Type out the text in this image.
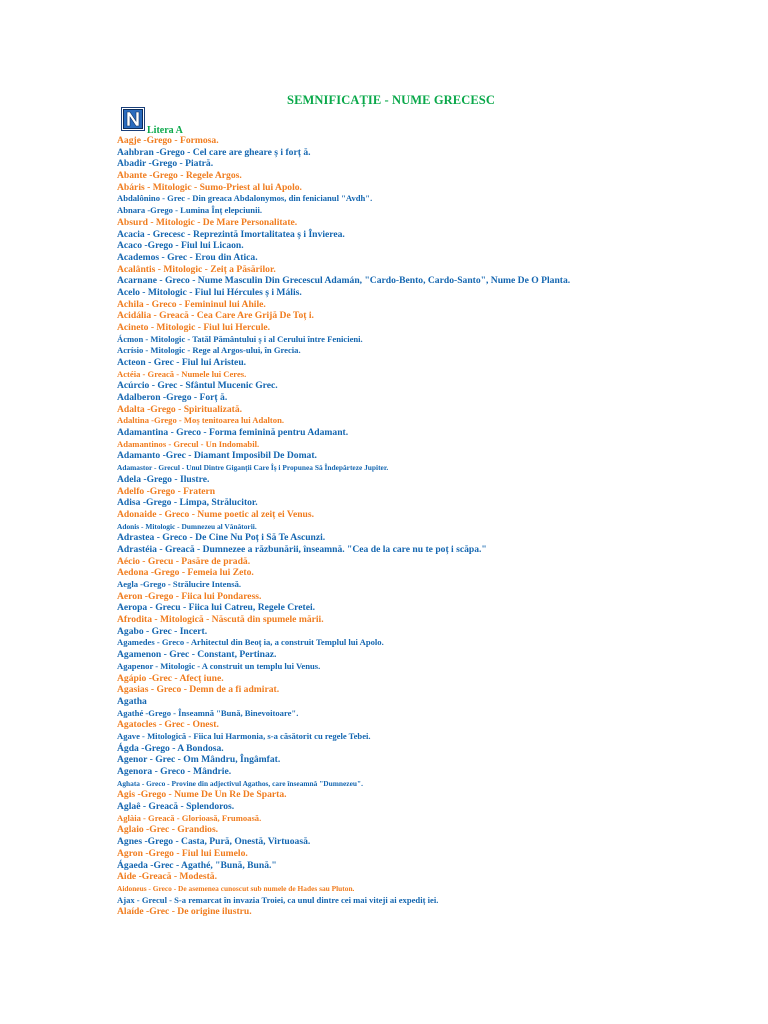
SEMNIFICAȚIE - NUME GRECESC
Litera A
Aagje -Grego - Formosa.
Aahbran -Grego - Cel care are gheare ș i forț ă.
Abadir -Grego - Piatră.
Abante -Grego - Regele Argos.
Abáris - Mitologic - Sumo-Priest al lui Apolo.
Abdalônino - Grec - Din greaca Abdalonymos, din fenicianul "Avdh".
Abnara -Grego - Lumina Înț elepciunii.
Absurd - Mitologic - De Mare Personalitate.
Acacia - Grecesc - Reprezintă Imortalitatea ș i Învierea.
Acaco -Grego - Fiul lui Licaon.
Academos - Grec - Erou din Atica.
Acalântis - Mitologic - Zeiț a Păsărilor.
Acarnane - Greco - Nume Masculin Din Grecescul Adamán, "Cardo-Bento, Cardo-Santo", Nume De O Planta.
Acelo - Mitologic - Fiul lui Hércules ș i Mális.
Achila - Greco - Femininul lui Ahile.
Acidália - Greacă - Cea Care Are Grijă De Toț i.
Acineto - Mitologic - Fiul lui Hercule.
Ácmon - Mitologic - Tatăl Pământului ș i al Cerului între Fenicieni.
Acrísio - Mitologic - Rege al Argos-ului, în Grecia.
Acteon - Grec - Fiul lui Aristeu.
Actéia - Greacă - Numele lui Ceres.
Acúrcio - Grec - Sfântul Mucenic Grec.
Adalberon -Grego - Forț ă.
Adalta -Grego - Spiritualizată.
Adaltina -Grego - Moș tenitoarea lui Adalton.
Adamantina - Greco - Forma feminină pentru Adamant.
Adamantinos - Grecul - Un Indomabil.
Adamanto -Grec - Diamant Imposibil De Domat.
Adamastor - Grecul - Unul Dintre Giganții Care Îș i Propunea Să Îndepărteze Jupiter.
Adela -Grego - Ilustre.
Adelfo -Grego - Fratern
Adisa -Grego - Limpa, Strălucitor.
Adonaide - Greco - Nume poetic al zeiț ei Venus.
Adonis - Mitologic - Dumnezeu al Vânătorii.
Adrastea - Greco - De Cine Nu Poț i Să Te Ascunzi.
Adrastéia - Greacă - Dumnezee a răzbunării, înseamnă. "Cea de la care nu te poț i scăpa."
Aécio - Grecu - Pasăre de pradă.
Aedona -Grego - Femeia lui Zeto.
Aegla -Grego - Strălucire Intensă.
Aeron -Grego - Fiica lui Pondaress.
Aeropa - Grecu - Fiica lui Catreu, Regele Cretei.
Afrodita - Mitologică - Născută din spumele mării.
Agabo - Grec - Incert.
Agamedes - Greco - Arhitectul din Beoț ia, a construit Templul lui Apolo.
Agamenon - Grec - Constant, Pertinaz.
Agapenor - Mitologic - A construit un templu lui Venus.
Agápio -Grec - Afecț iune.
Agasias - Greco - Demn de a fi admirat.
Agatha
Agathé -Grego - Înseamnă "Bună, Binevoitoare".
Agatocles - Grec - Onest.
Agave - Mitologică - Fiica lui Harmonia, s-a căsătorit cu regele Tebei.
Ágda -Grego - A Bondosa.
Agenor - Grec - Om Mândru, Îngâmfat.
Agenora - Greco - Mândrie.
Aghata - Greco - Provine din adjectivul Agathos, care înseamnă "Dumnezeu".
Agis -Grego - Nume De Un Re De Sparta.
Aglaê - Greacă - Splendoros.
Aglàia - Greacă - Glorioasă, Frumoasă.
Aglaio -Grec - Grandios.
Agnes -Grego - Casta, Pură, Onestă, Virtuoasă.
Agron -Grego - Fiul lui Eumelo.
Ágaeda -Grec - Agathé, "Bună, Bună."
Aide -Greacă - Modestă.
Aidoneus - Greco - De asemenea cunoscut sub numele de Hades sau Pluton.
Ajax - Grecul - S-a remarcat în invazia Troiei, ca unul dintre cei mai viteji ai expediț iei.
Alaíde -Grec - De origine ilustru.
